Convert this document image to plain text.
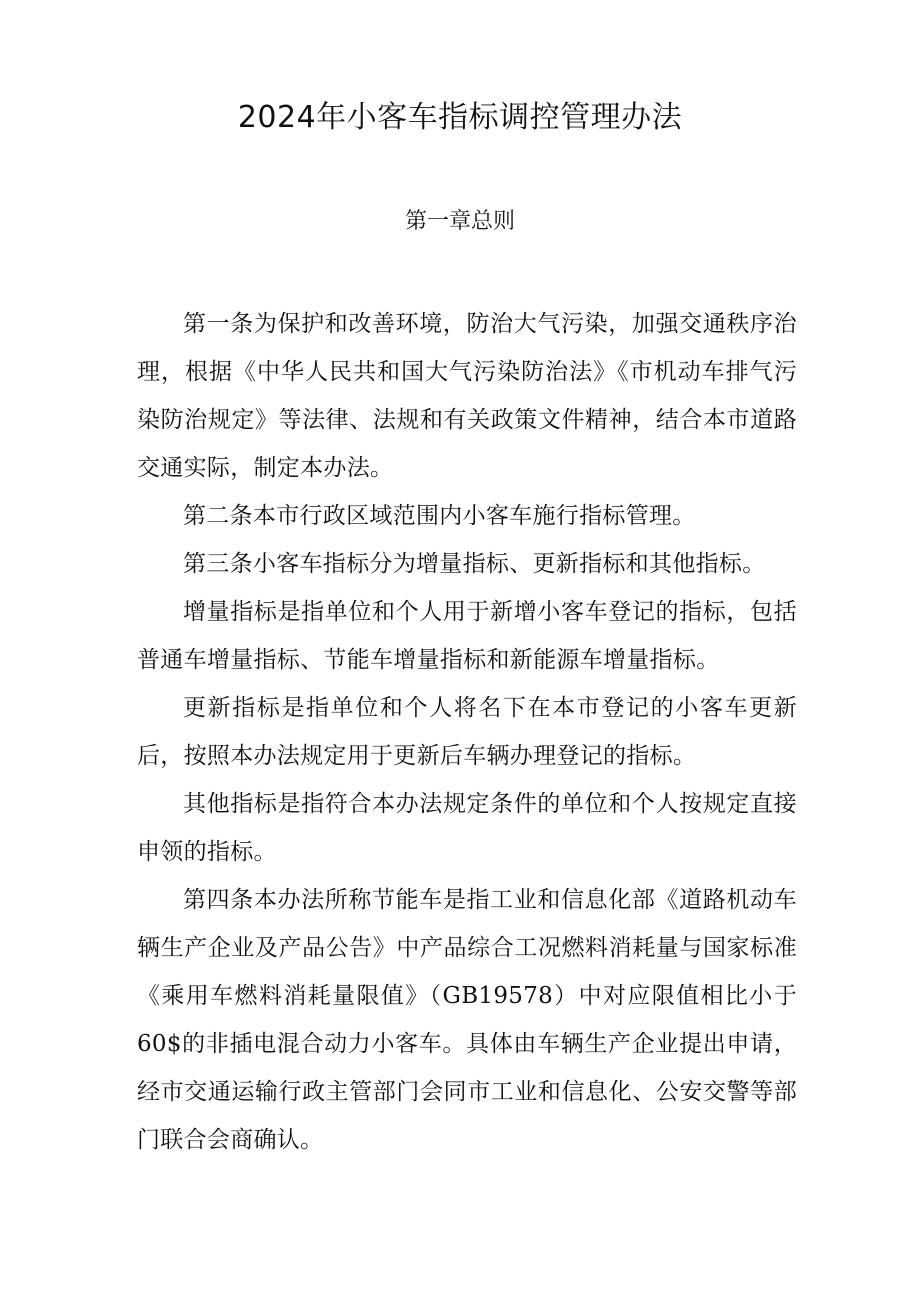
2024年小客车指标调控管理办法
第一章总则

第一条为保护和改善环境，防治大气污染，加强交通秩序治理，根据《中华人民共和国大气污染防治法》《市机动车排气污染防治规定》等法律、法规和有关政策文件精神，结合本市道路交通实际，制定本办法。

第二条本市行政区域范围内小客车施行指标管理。

第三条小客车指标分为增量指标、更新指标和其他指标。

增量指标是指单位和个人用于新增小客车登记的指标，包括普通车增量指标、节能车增量指标和新能源车增量指标。

更新指标是指单位和个人将名下在本市登记的小客车更新后，按照本办法规定用于更新后车辆办理登记的指标。

其他指标是指符合本办法规定条件的单位和个人按规定直接申领的指标。

第四条本办法所称节能车是指工业和信息化部《道路机动车辆生产企业及产品公告》中产品综合工况燃料消耗量与国家标准《乘用车燃料消耗量限值》（GB19578）中对应限值相比小于60$的非插电混合动力小客车。具体由车辆生产企业提出申请，经市交通运输行政主管部门会同市工业和信息化、公安交警等部门联合会商确认。
